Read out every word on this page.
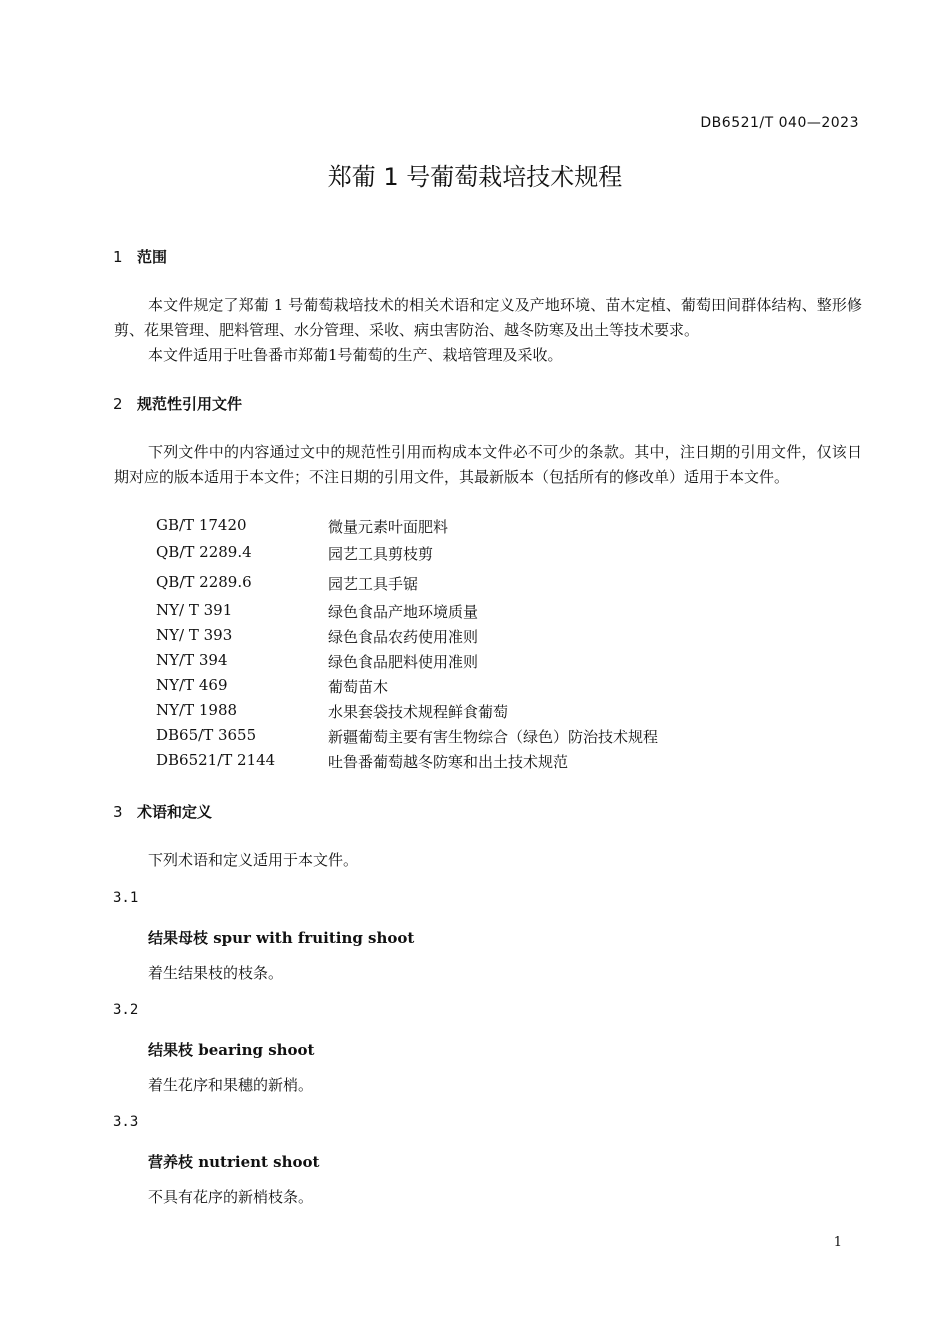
DB6521/T 040—2023
郑葡 1 号葡萄栽培技术规程
1 范围

本文件规定了郑葡 1 号葡萄栽培技术的相关术语和定义及产地环境、苗木定植、葡萄田间群体结构、整形修剪、花果管理、肥料管理、水分管理、采收、病虫害防治、越冬防寒及出土等技术要求。

本文件适用于吐鲁番市郑葡1号葡萄的生产、栽培管理及采收。

2 规范性引用文件

下列文件中的内容通过文中的规范性引用而构成本文件必不可少的条款。其中，注日期的引用文件，仅该日期对应的版本适用于本文件；不注日期的引用文件，其最新版本（包括所有的修改单）适用于本文件。

GB/T 17420	微量元素叶面肥料
QB/T 2289.4	园艺工具剪枝剪
QB/T 2289.6	园艺工具手锯
NY/ T 391	绿色食品产地环境质量
NY/ T 393	绿色食品农药使用准则
NY/T 394	绿色食品肥料使用准则
NY/T 469	葡萄苗木
NY/T 1988	水果套袋技术规程鲜食葡萄
DB65/T 3655	新疆葡萄主要有害生物综合（绿色）防治技术规程
DB6521/T 2144	吐鲁番葡萄越冬防寒和出土技术规范
3 术语和定义

下列术语和定义适用于本文件。

3.1
结果母枝 spur with fruiting shoot
着生结果枝的枝条。
3.2
结果枝 bearing shoot
着生花序和果穗的新梢。
3.3
营养枝 nutrient shoot
不具有花序的新梢枝条。
1
